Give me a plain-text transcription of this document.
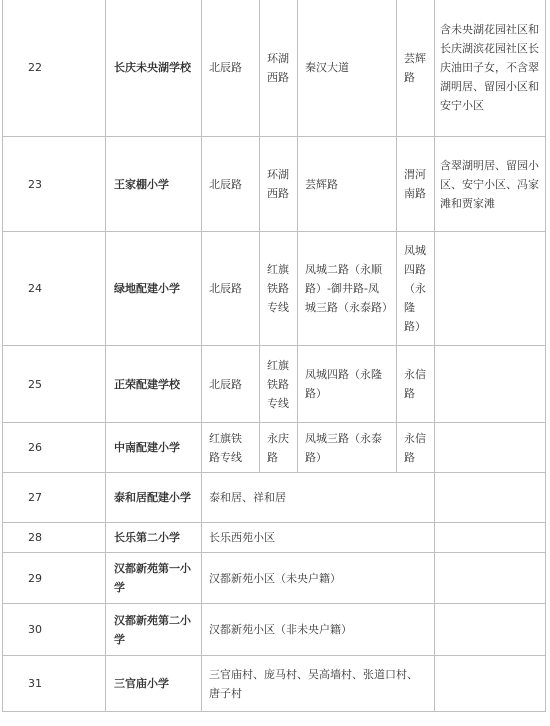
22	长庆未央湖学校	北辰路	环湖西路	秦汉大道	芸辉路	含未央湖花园社区和长庆湖滨花园社区长庆油田子女，不含翠湖明居、留园小区和安宁小区
23	王家棚小学	北辰路	环湖西路	芸辉路	渭河南路	含翠湖明居、留园小区、安宁小区、冯家滩和贾家滩
24	绿地配建小学	北辰路	红旗铁路专线	凤城二路（永顺路）-御井路-凤城三路（永泰路）	凤城四路（永隆路）	
25	正荣配建学校	北辰路	红旗铁路专线	凤城四路（永隆路）	永信路	
26	中南配建小学	红旗铁路专线	永庆路	凤城三路（永泰路）	永信路	
27	泰和居配建小学	泰和居、祥和居				
28	长乐第二小学	长乐西苑小区				
29	汉都新苑第一小学	汉都新苑小区（未央户籍）				
30	汉都新苑第二小学	汉都新苑小区（非未央户籍）				
31	三官庙小学	三官庙村、庞马村、吴高墙村、张道口村、唐子村				
